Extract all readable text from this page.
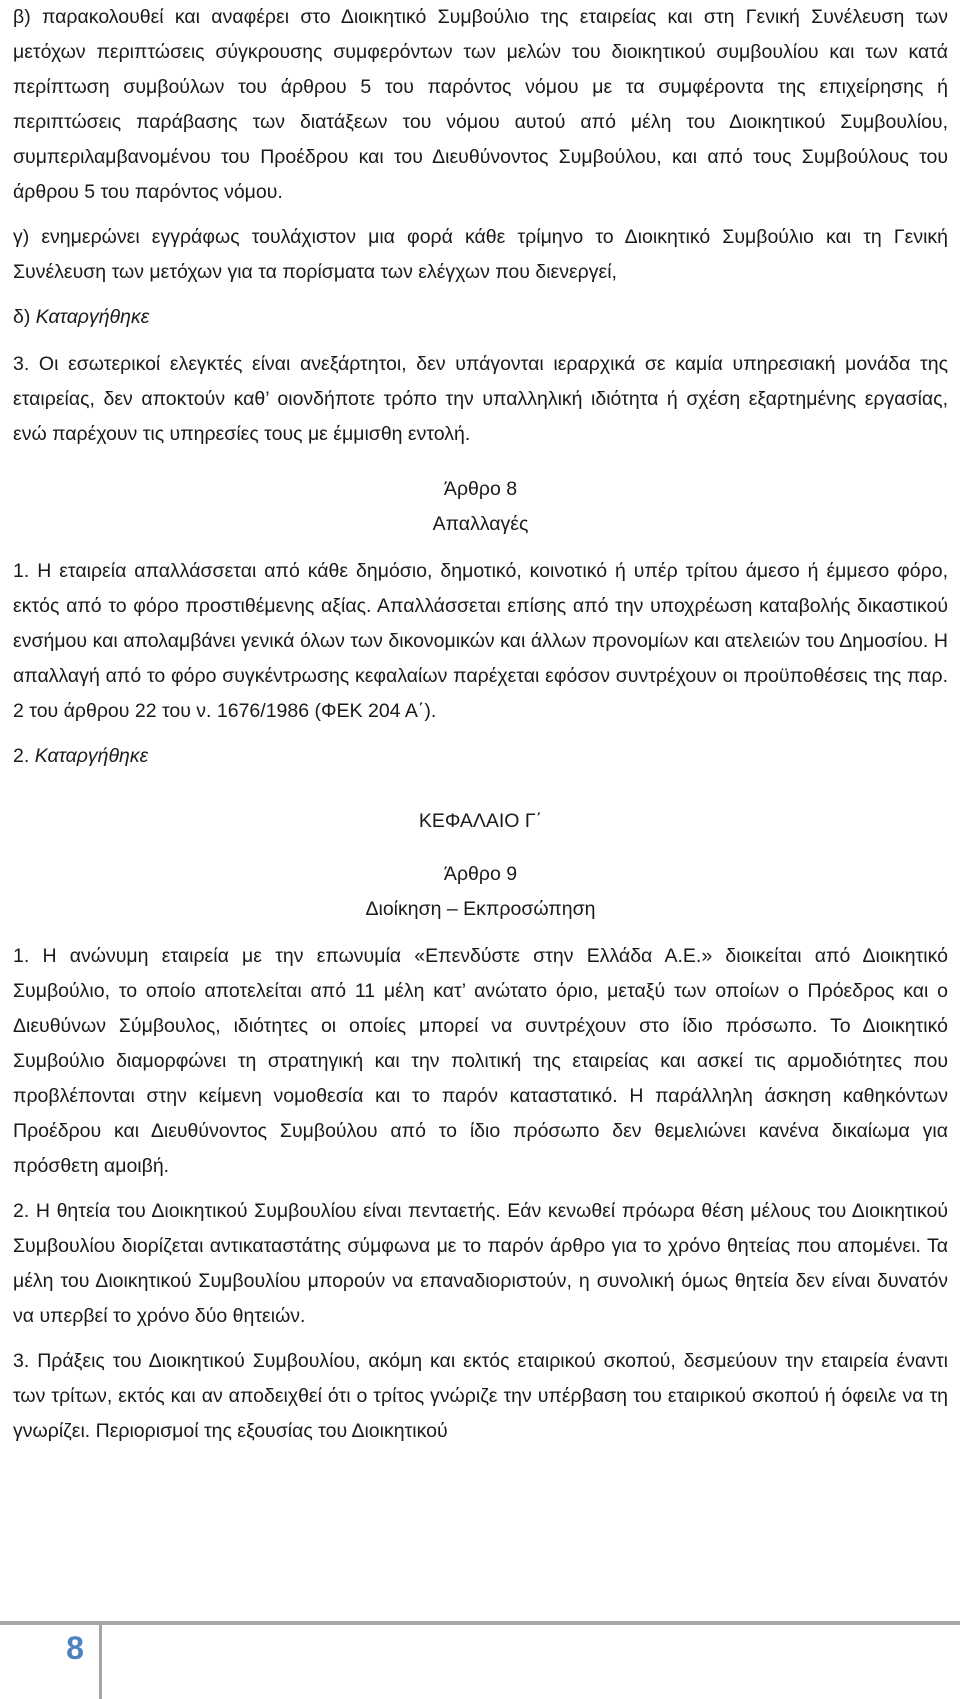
β) παρακολουθεί και αναφέρει στο Διοικητικό Συμβούλιο της εταιρείας και στη Γενική Συνέλευση των μετόχων περιπτώσεις σύγκρουσης συμφερόντων των μελών του διοικητικού συμβουλίου και των κατά περίπτωση συμβούλων του άρθρου 5 του παρόντος νόμου με τα συμφέροντα της επιχείρησης ή περιπτώσεις παράβασης των διατάξεων του νόμου αυτού από μέλη του Διοικητικού Συμβουλίου, συμπεριλαμβανομένου του Προέδρου και του Διευθύνοντος Συμβούλου, και από τους Συμβούλους του άρθρου 5 του παρόντος νόμου.

γ) ενημερώνει εγγράφως τουλάχιστον μια φορά κάθε τρίμηνο το Διοικητικό Συμβούλιο και τη Γενική Συνέλευση των μετόχων για τα πορίσματα των ελέγχων που διενεργεί,

δ) Καταργήθηκε

3. Οι εσωτερικοί ελεγκτές είναι ανεξάρτητοι, δεν υπάγονται ιεραρχικά σε καμία υπηρεσιακή μονάδα της εταιρείας, δεν αποκτούν καθ’ οιονδήποτε τρόπο την υπαλληλική ιδιότητα ή σχέση εξαρτημένης εργασίας, ενώ παρέχουν τις υπηρεσίες τους με έμμισθη εντολή.

Άρθρο 8

Απαλλαγές

1. Η εταιρεία απαλλάσσεται από κάθε δημόσιο, δημοτικό, κοινοτικό ή υπέρ τρίτου άμεσο ή έμμεσο φόρο, εκτός από το φόρο προστιθέμενης αξίας. Απαλλάσσεται επίσης από την υποχρέωση καταβολής δικαστικού ενσήμου και απολαμβάνει γενικά όλων των δικονομικών και άλλων προνομίων και ατελειών του Δημοσίου. Η απαλλαγή από το φόρο συγκέντρωσης κεφαλαίων παρέχεται εφόσον συντρέχουν οι προϋποθέσεις της παρ. 2 του άρθρου 22 του ν. 1676/1986 (ΦΕΚ 204 Α΄).

2. Καταργήθηκε

ΚΕΦΑΛΑΙΟ Γ΄

Άρθρο 9

Διοίκηση – Εκπροσώπηση

1. Η ανώνυμη εταιρεία με την επωνυμία «Επενδύστε στην Ελλάδα Α.Ε.» διοικείται από Διοικητικό Συμβούλιο, το οποίο αποτελείται από 11 μέλη κατ’ ανώτατο όριο, μεταξύ των οποίων ο Πρόεδρος και ο Διευθύνων Σύμβουλος, ιδιότητες οι οποίες μπορεί να συντρέχουν στο ίδιο πρόσωπο. Το Διοικητικό Συμβούλιο διαμορφώνει τη στρατηγική και την πολιτική της εταιρείας και ασκεί τις αρμοδιότητες που προβλέπονται στην κείμενη νομοθεσία και το παρόν καταστατικό. Η παράλληλη άσκηση καθηκόντων Προέδρου και Διευθύνοντος Συμβούλου από το ίδιο πρόσωπο δεν θεμελιώνει κανένα δικαίωμα για πρόσθετη αμοιβή.

2. Η θητεία του Διοικητικού Συμβουλίου είναι πενταετής. Εάν κενωθεί πρόωρα θέση μέλους του Διοικητικού Συμβουλίου διορίζεται αντικαταστάτης σύμφωνα με το παρόν άρθρο για το χρόνο θητείας που απομένει. Τα μέλη του Διοικητικού Συμβουλίου μπορούν να επαναδιοριστούν, η συνολική όμως θητεία δεν είναι δυνατόν να υπερβεί το χρόνο δύο θητειών.

3. Πράξεις του Διοικητικού Συμβουλίου, ακόμη και εκτός εταιρικού σκοπού, δεσμεύουν την εταιρεία έναντι των τρίτων, εκτός και αν αποδειχθεί ότι ο τρίτος γνώριζε την υπέρβαση του εταιρικού σκοπού ή όφειλε να τη γνωρίζει. Περιορισμοί της εξουσίας του Διοικητικού

8
